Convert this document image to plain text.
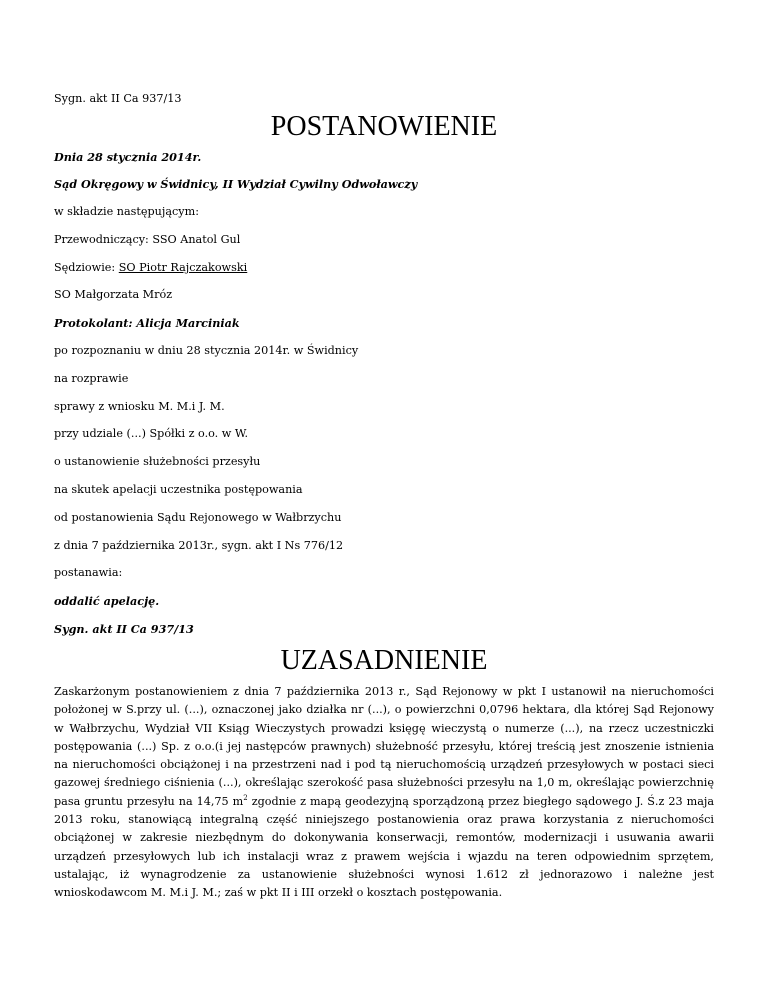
Sygn. akt II Ca 937/13
POSTANOWIENIE
Dnia 28 stycznia 2014r.
Sąd Okręgowy w Świdnicy, II Wydział Cywilny Odwoławczy
w składzie następującym:
Przewodniczący: SSO Anatol Gul
Sędziowie: SO Piotr Rajczakowski
SO Małgorzata Mróz
Protokolant: Alicja Marciniak
po rozpoznaniu w dniu 28 stycznia 2014r. w Świdnicy
na rozprawie
sprawy z wniosku M. M.i J. M.
przy udziale (...) Spółki z o.o. w W.
o ustanowienie służebności przesyłu
na skutek apelacji uczestnika postępowania
od postanowienia Sądu Rejonowego w Wałbrzychu
z dnia 7 października 2013r., sygn. akt I Ns 776/12
postanawia:
oddalić apelację.
Sygn. akt II Ca 937/13
UZASADNIENIE
Zaskarżonym postanowieniem z dnia 7 października 2013 r., Sąd Rejonowy w pkt I ustanowił na nieruchomości położonej w S.przy ul. (...), oznaczonej jako działka nr (...), o powierzchni 0,0796 hektara, dla której Sąd Rejonowy w Wałbrzychu, Wydział VII Ksiąg Wieczystych prowadzi księgę wieczystą o numerze (...), na rzecz uczestniczki postępowania (...) Sp. z o.o.(i jej następców prawnych) służebność przesyłu, której treścią jest znoszenie istnienia na nieruchomości obciążonej i na przestrzeni nad i pod tą nieruchomością urządzeń przesyłowych w postaci sieci gazowej średniego ciśnienia (...), określając szerokość pasa służebności przesyłu na 1,0 m, określając powierzchnię pasa gruntu przesyłu na 14,75 $m^2$ zgodnie z mapą geodezyjną sporządzoną przez biegłego sądowego J. Ś.z 23 maja 2013 roku, stanowiącą integralną część niniejszego postanowienia oraz prawa korzystania z nieruchomości obciążonej w zakresie niezbędnym do dokonywania konserwacji, remontów, modernizacji i usuwania awarii urządzeń przesyłowych lub ich instalacji wraz z prawem wejścia i wjazdu na teren odpowiednim sprzętem, ustalając, iż wynagrodzenie za ustanowienie służebności wynosi 1.612 zł jednorazowo i należne jest wnioskodawcom M. M.i J. M.; zaś w pkt II i III orzekł o kosztach postępowania.
